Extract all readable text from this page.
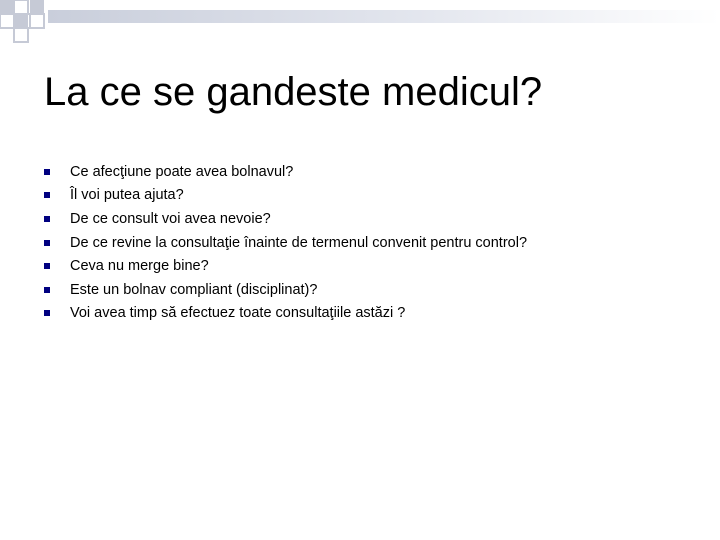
La ce se gandeste medicul?
Ce afecţiune poate avea bolnavul?
Îl voi putea ajuta?
De ce consult voi avea nevoie?
De ce revine la consultaţie înainte de termenul convenit pentru control?
Ceva nu merge bine?
Este un bolnav compliant (disciplinat)?
Voi avea timp să efectuez toate consultaţiile astăzi ?
